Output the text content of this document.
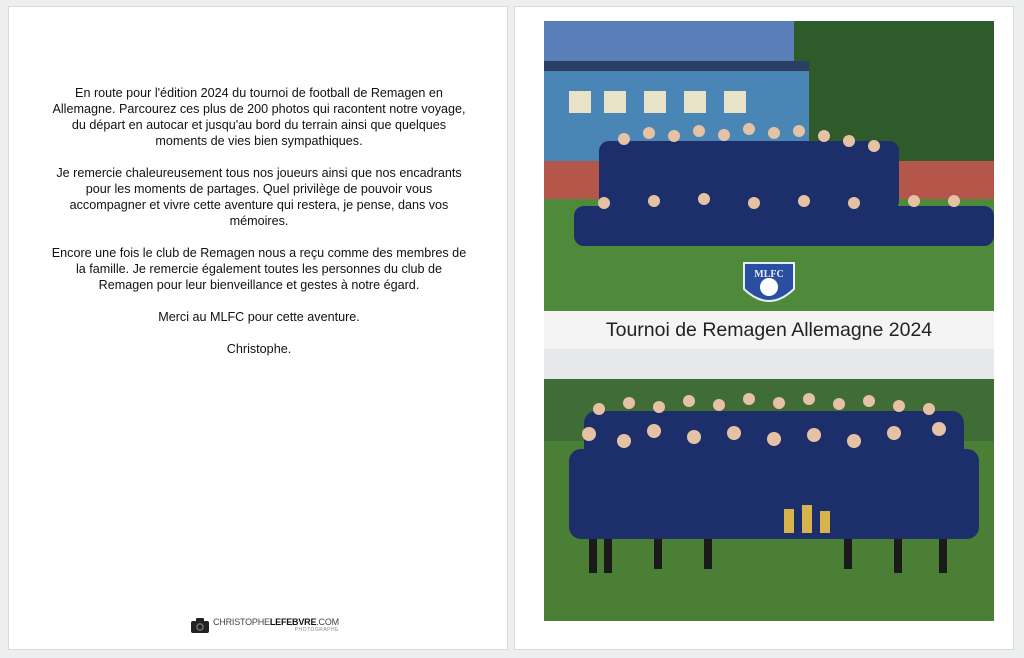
En route pour l'édition 2024 du tournoi de football de Remagen en Allemagne. Parcourez ces plus de 200 photos qui racontent notre voyage, du départ en autocar et jusqu'au bord du terrain ainsi que quelques moments de vies bien sympathiques.

Je remercie chaleureusement tous nos joueurs ainsi que nos encadrants pour les moments de partages. Quel privilège de pouvoir vous accompagner et vivre cette aventure qui restera, je pense, dans vos mémoires.

Encore une fois le club de Remagen nous a reçu comme des membres de la famille. Je remercie également toutes les personnes du club de Remagen pour leur bienveillance et gestes à notre égard.

Merci au MLFC pour cette aventure.

Christophe.

CHRISTOPHELEFEBVRE.COM
PHOTOGRAPHE
MLFC
Tournoi de Remagen Allemagne 2024
